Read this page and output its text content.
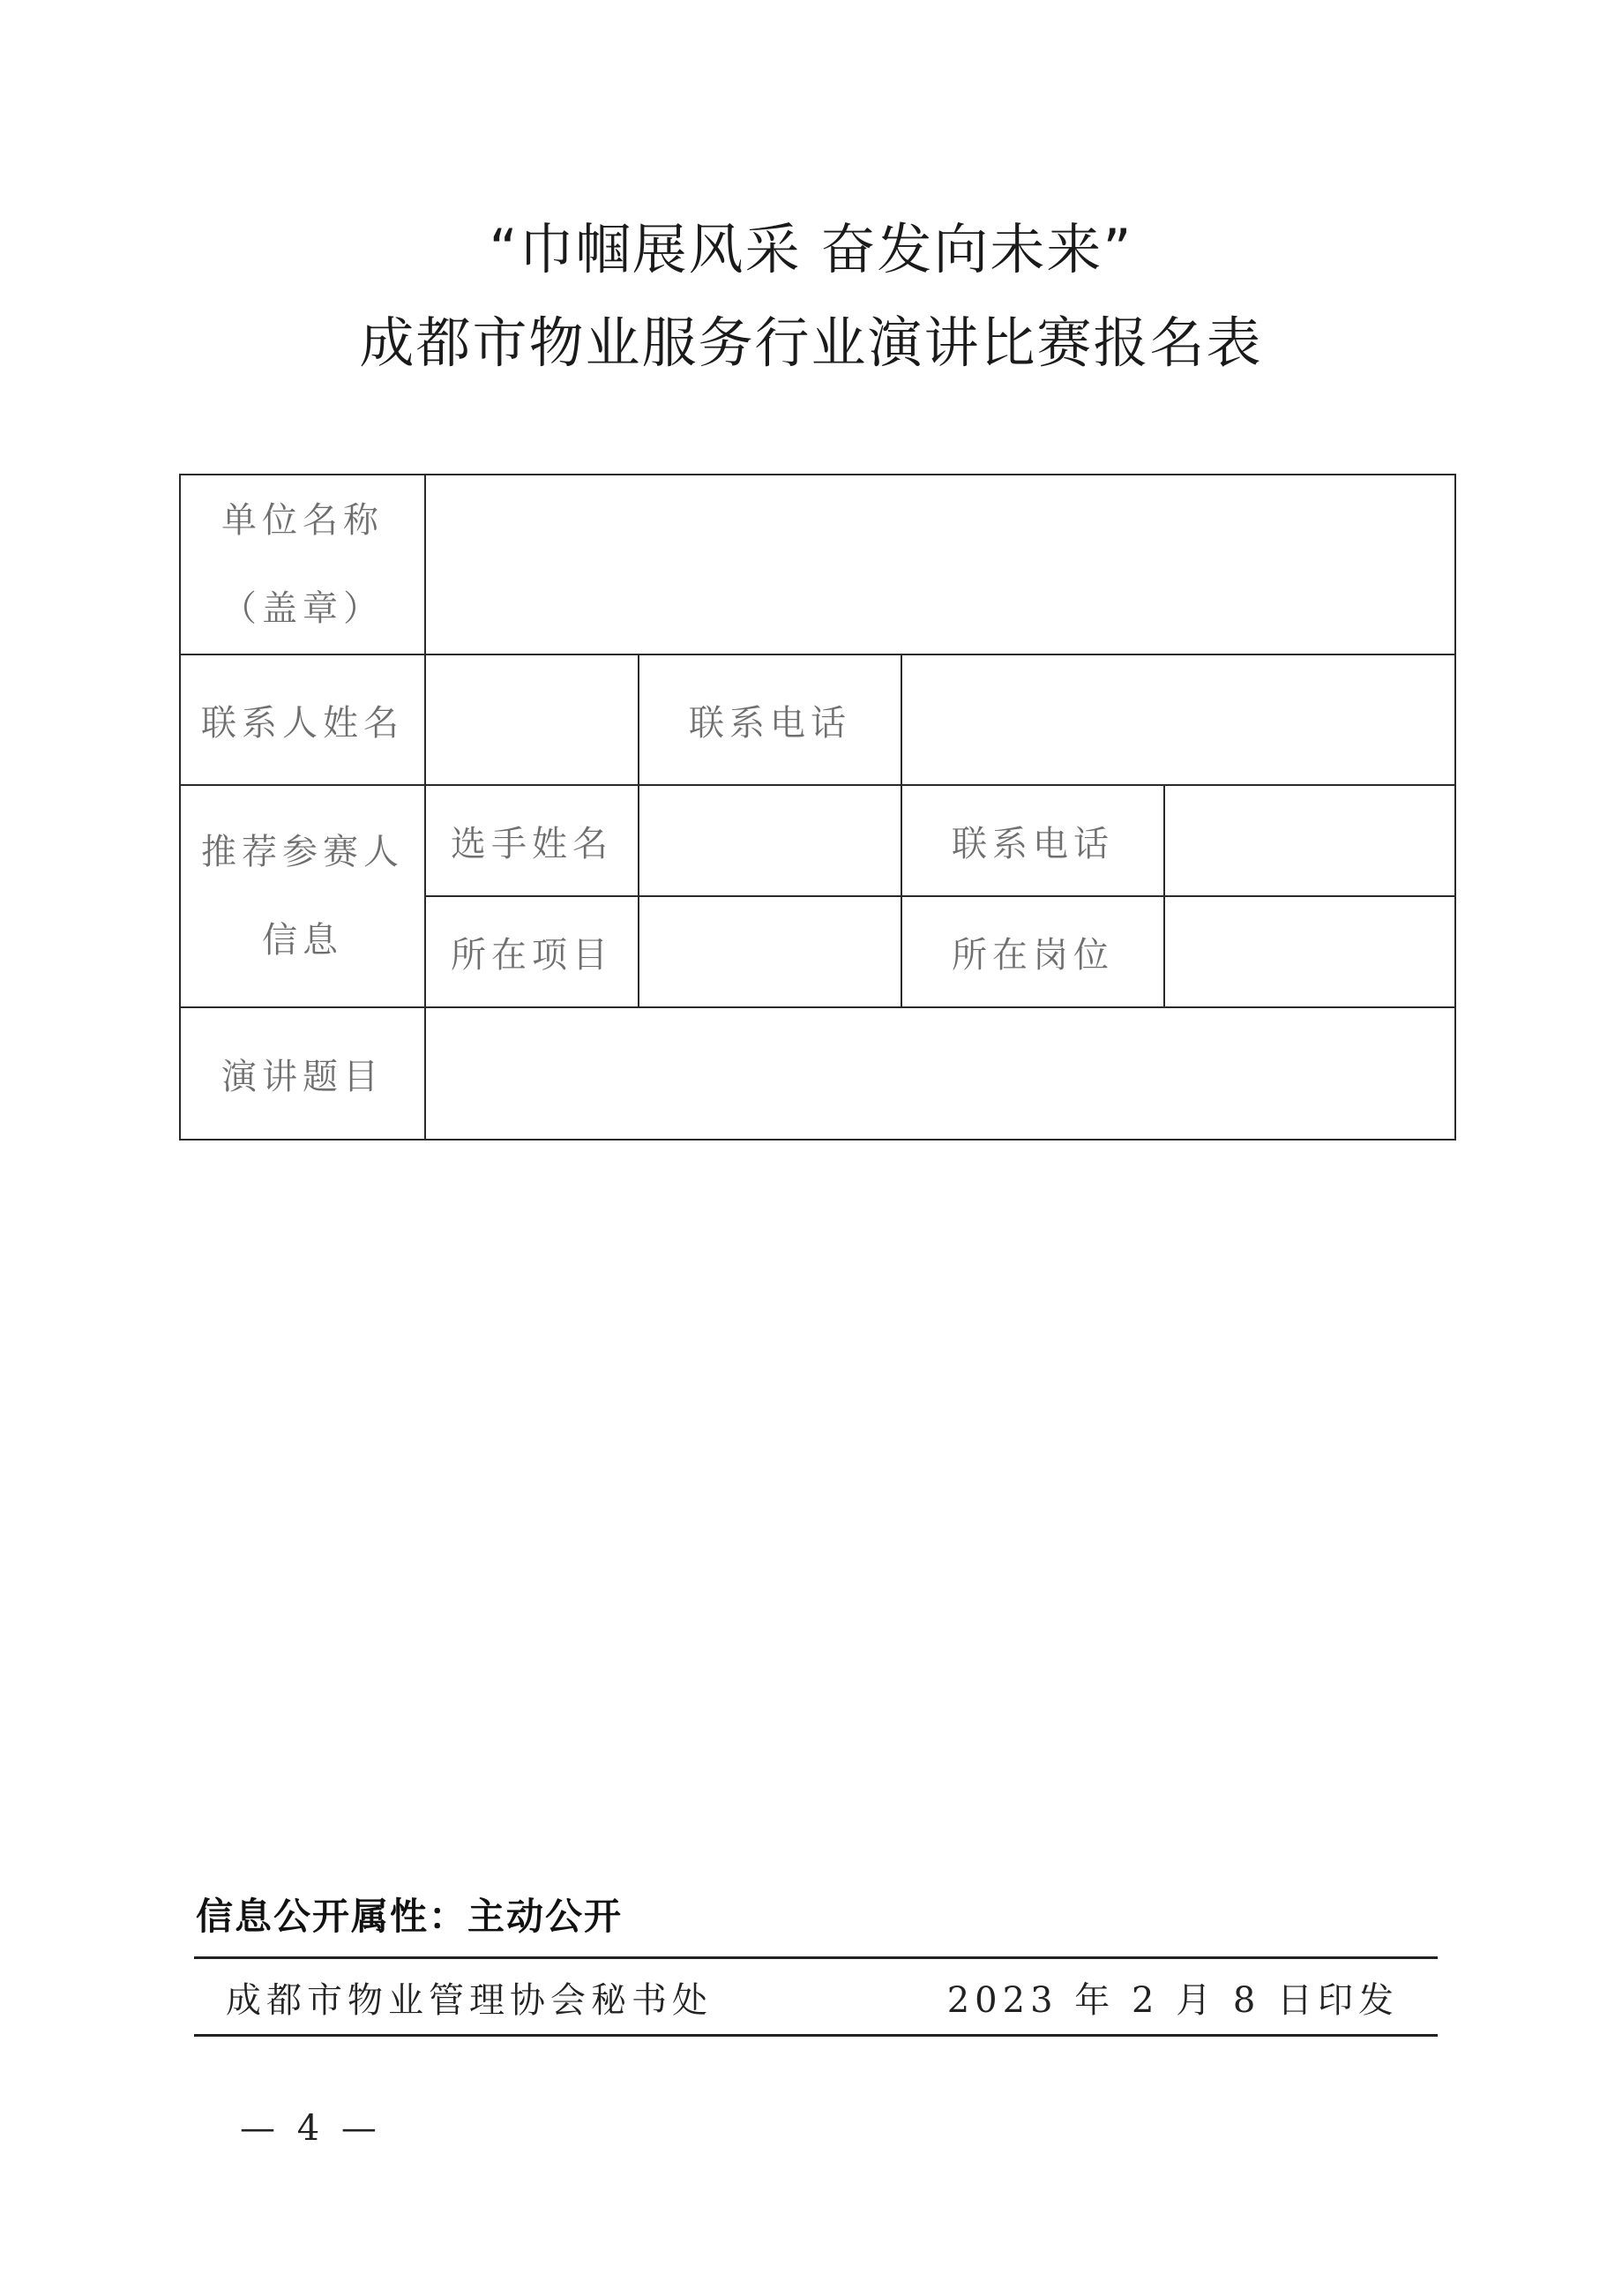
“巾帼展风采 奋发向未来”
成都市物业服务行业演讲比赛报名表
单位名称
（盖章）				

联系人姓名		联系电话		

推荐参赛人
信息	选手姓名		联系电话	
	所在项目		所在岗位	
演讲题目				
信息公开属性：主动公开
成都市物业管理协会秘书处	2023 年 2 月 8 日印发
— 4 —
